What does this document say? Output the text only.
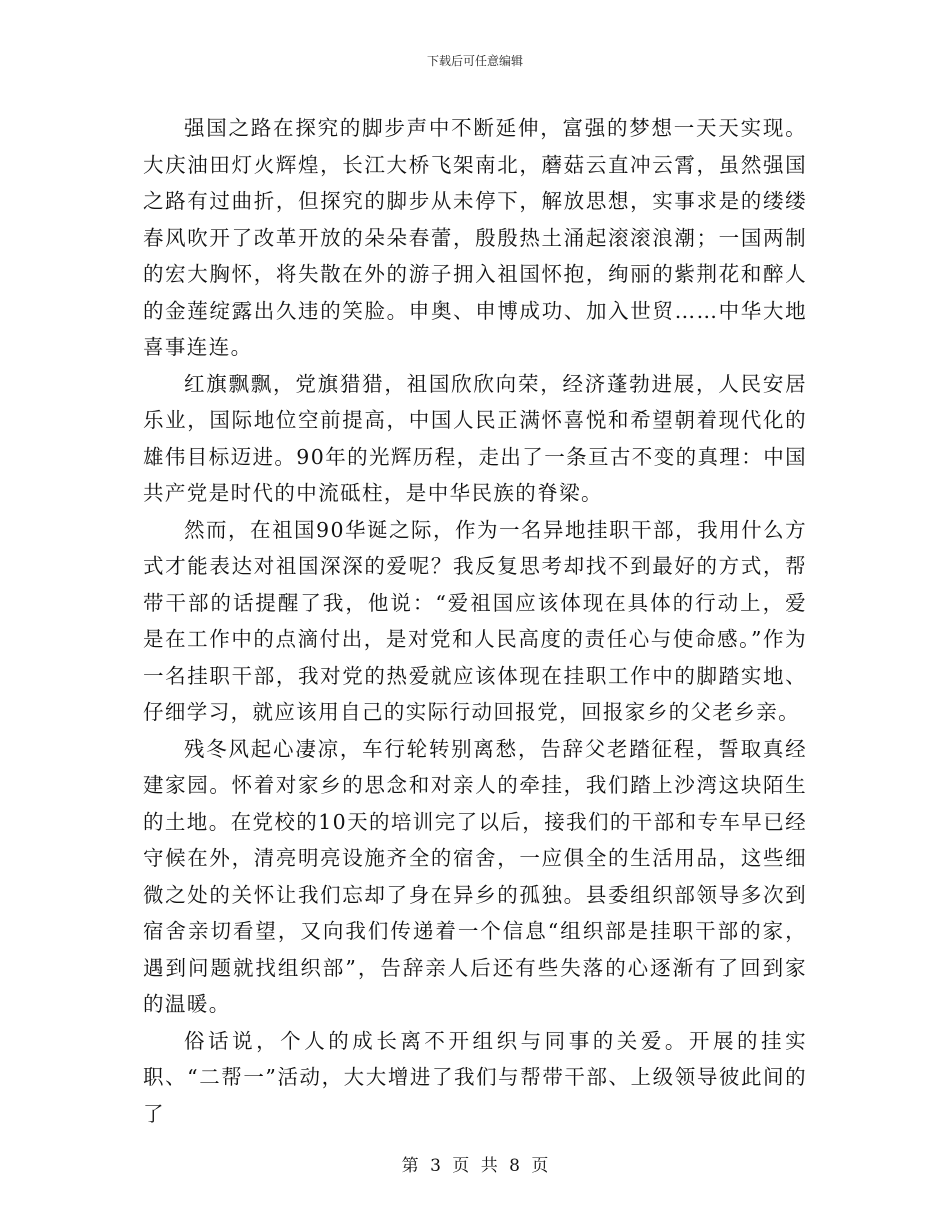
下载后可任意编辑

强国之路在探究的脚步声中不断延伸，富强的梦想一天天实现。大庆油田灯火辉煌，长江大桥飞架南北，蘑菇云直冲云霄，虽然强国之路有过曲折，但探究的脚步从未停下，解放思想，实事求是的缕缕春风吹开了改革开放的朵朵春蕾，殷殷热土涌起滚滚浪潮；一国两制的宏大胸怀，将失散在外的游子拥入祖国怀抱，绚丽的紫荆花和醉人的金莲绽露出久违的笑脸。申奥、申博成功、加入世贸……中华大地喜事连连。

红旗飘飘，党旗猎猎，祖国欣欣向荣，经济蓬勃进展，人民安居乐业，国际地位空前提高，中国人民正满怀喜悦和希望朝着现代化的雄伟目标迈进。90年的光辉历程，走出了一条亘古不变的真理：中国共产党是时代的中流砥柱，是中华民族的脊梁。

然而，在祖国90华诞之际，作为一名异地挂职干部，我用什么方式才能表达对祖国深深的爱呢？我反复思考却找不到最好的方式，帮带干部的话提醒了我，他说：“爱祖国应该体现在具体的行动上，爱是在工作中的点滴付出，是对党和人民高度的责任心与使命感。”作为一名挂职干部，我对党的热爱就应该体现在挂职工作中的脚踏实地、仔细学习，就应该用自己的实际行动回报党，回报家乡的父老乡亲。

残冬风起心凄凉，车行轮转别离愁，告辞父老踏征程，誓取真经建家园。怀着对家乡的思念和对亲人的牵挂，我们踏上沙湾这块陌生的土地。在党校的10天的培训完了以后，接我们的干部和专车早已经守候在外，清亮明亮设施齐全的宿舍，一应俱全的生活用品，这些细微之处的关怀让我们忘却了身在异乡的孤独。县委组织部领导多次到宿舍亲切看望，又向我们传递着一个信息“组织部是挂职干部的家，遇到问题就找组织部”，告辞亲人后还有些失落的心逐渐有了回到家的温暖。

俗话说，个人的成长离不开组织与同事的关爱。开展的挂实职、“二帮一”活动，大大增进了我们与帮带干部、上级领导彼此间的了

第 3 页 共 8 页
